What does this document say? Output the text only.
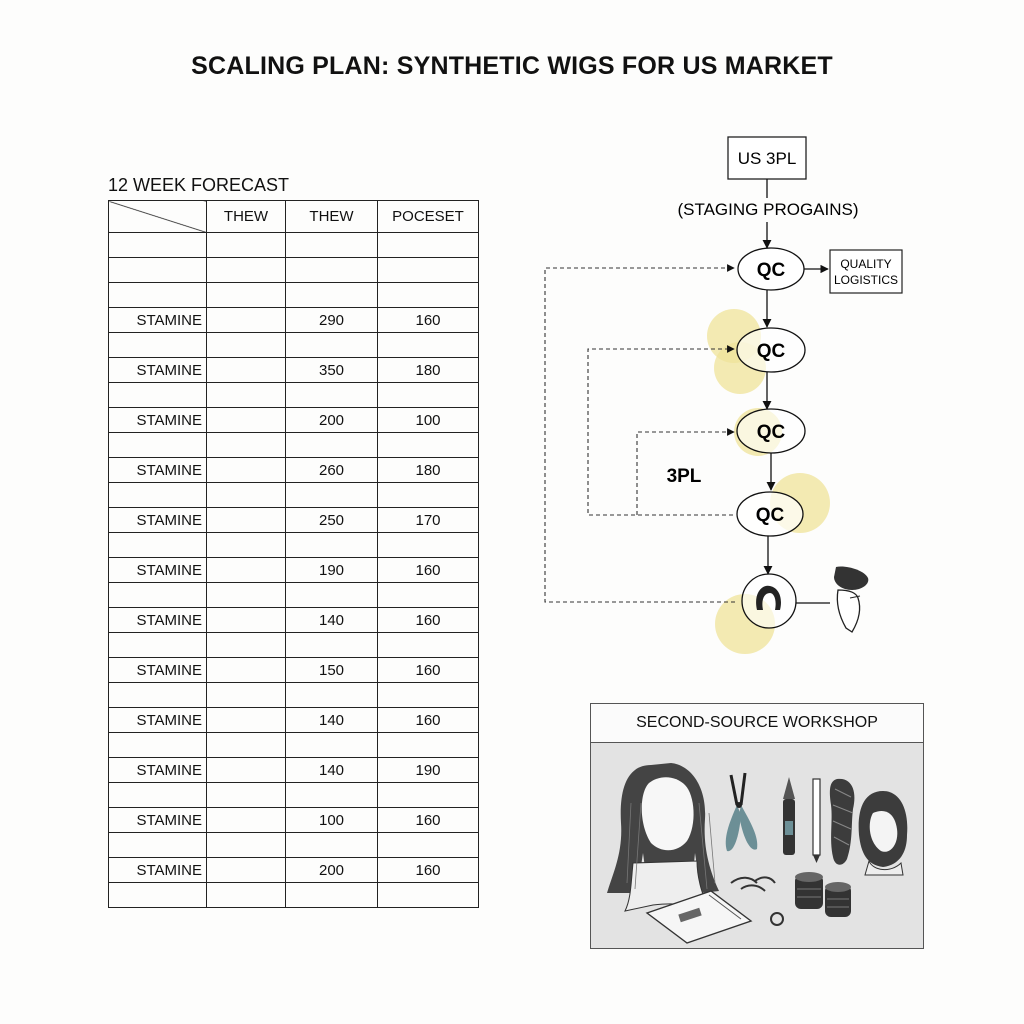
SCALING PLAN: SYNTHETIC WIGS FOR US MARKET
12 WEEK FORECAST
	THEW	THEW	POCESET

STAMINE		290	160

STAMINE		350	180

STAMINE		200	100

STAMINE		260	180

STAMINE		250	170

STAMINE		190	160

STAMINE		140	160

STAMINE		150	160

STAMINE		140	160

STAMINE		140	190

STAMINE		100	160

STAMINE		200	160

US 3PL
(STAGING PROGAINS)
QC	QUALITY
LOGISTICS
QC
QC
3PL
QC
SECOND-SOURCE WORKSHOP
